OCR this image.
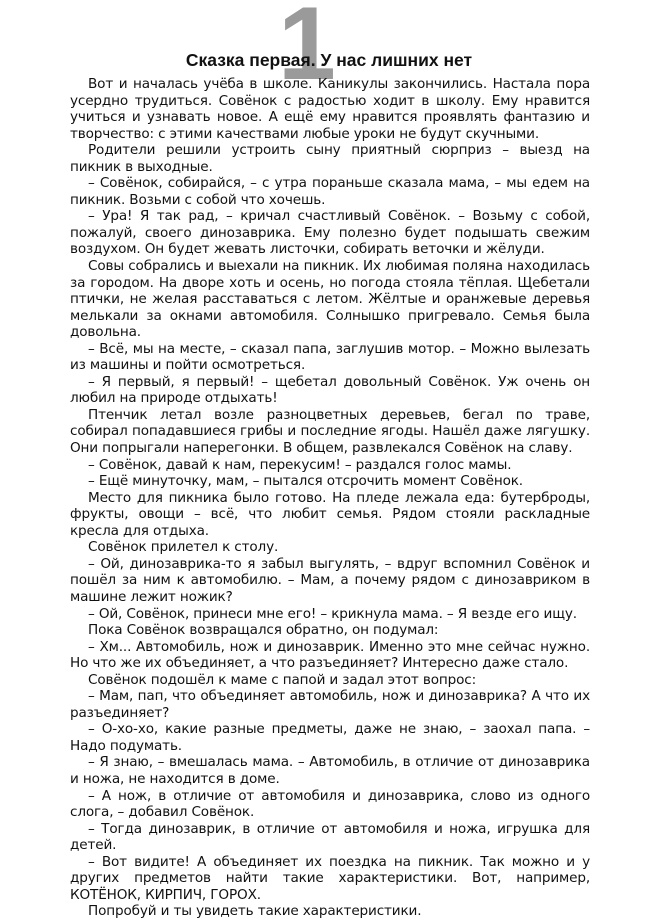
1
Сказка первая. У нас лишних нет

Вот и началась учёба в школе. Каникулы закончились. Настала пора усердно трудиться. Совёнок с радостью ходит в школу. Ему нравится учиться и узнавать новое. А ещё ему нравится проявлять фантазию и творчество: с этими качествами любые уроки не будут скучными.

Родители решили устроить сыну приятный сюрприз – выезд на пикник в выходные.

– Совёнок, собирайся, – с утра пораньше сказала мама, – мы едем на пикник. Возьми с собой что хочешь.

– Ура! Я так рад, – кричал счастливый Совёнок. – Возьму с собой, пожалуй, своего динозаврика. Ему полезно будет подышать свежим воздухом. Он будет жевать листочки, собирать веточки и жёлуди.

Совы собрались и выехали на пикник. Их любимая поляна находилась за городом. На дворе хоть и осень, но погода стояла тёплая. Щебетали птички, не желая расставаться с летом. Жёлтые и оранжевые деревья мелькали за окнами автомобиля. Солнышко пригревало. Семья была довольна.

– Всё, мы на месте, – сказал папа, заглушив мотор. – Можно вылезать из машины и пойти осмотреться.

– Я первый, я первый! – щебетал довольный Совёнок. Уж очень он любил на природе отдыхать!

Птенчик летал возле разноцветных деревьев, бегал по траве, собирал попадавшиеся грибы и последние ягоды. Нашёл даже лягушку. Они попрыгали наперегонки. В общем, развлекался Совёнок на славу.

– Совёнок, давай к нам, перекусим! – раздался голос мамы.

– Ещё минуточку, мам, – пытался отсрочить момент Совёнок.

Место для пикника было готово. На пледе лежала еда: бутерброды, фрукты, овощи – всё, что любит семья. Рядом стояли раскладные кресла для отдыха.

Совёнок прилетел к столу.

– Ой, динозаврика-то я забыл выгулять, – вдруг вспомнил Совёнок и пошёл за ним к автомобилю. – Мам, а почему рядом с динозавриком в машине лежит ножик?

– Ой, Совёнок, принеси мне его! – крикнула мама. – Я везде его ищу.

Пока Совёнок возвращался обратно, он подумал:

– Хм... Автомобиль, нож и динозаврик. Именно это мне сейчас нужно. Но что же их объединяет, а что разъединяет? Интересно даже стало.

Совёнок подошёл к маме с папой и задал этот вопрос:

– Мам, пап, что объединяет автомобиль, нож и динозаврика? А что их разъединяет?

– О-хо-хо, какие разные предметы, даже не знаю, – заохал папа. – Надо подумать.

– Я знаю, – вмешалась мама. – Автомобиль, в отличие от динозаврика и ножа, не находится в доме.

– А нож, в отличие от автомобиля и динозаврика, слово из одного слога, – добавил Совёнок.

– Тогда динозаврик, в отличие от автомобиля и ножа, игрушка для детей.

– Вот видите! А объединяет их поездка на пикник. Так можно и у других предметов найти такие характеристики. Вот, например, КОТЁНОК, КИРПИЧ, ГОРОХ.

Попробуй и ты увидеть такие характеристики.
